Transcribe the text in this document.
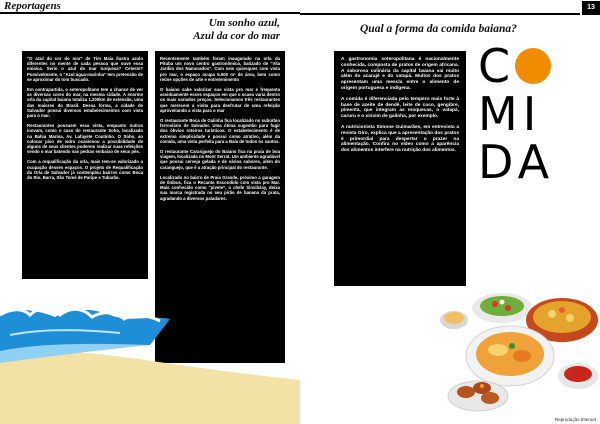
Reportagens	13
Um sonho azul,
Azul da cor do mar

“O azul do cor do mar” de Tim Maia ilustra azulo diferentes no mente de cada pessoa que ouve essa música. Serio o azul do mar turquesa? Celeste? Possivelmente, o “Azul água-marinha” tem pretensão de se aproximar do tom buscado.

Em contrapartida, o soteropolitano tem a chance de ver as diversas cores do mar, na mesma cidade. A enorme orla da capital baiana totaliza 1.200km de extensão, uma das maiores do Brasil. Dessa forma, a cidade de Salvador possui diversos estabelecimentos com vista para o mar.

Restaurantes possuem essa vista, enquanto outros inovam, como o caso do restaurante Soho, localizado na Bahia Marina, Av. Lafayete Coutinho. O Soho, ao colocar piso de vidro ocasionou a possibilidade de alguns de seus clientes poderem realizar suas refeições vendo o mar batendo nas pedras embaixo de seus pés.

Com a requalificação da orla, mais tem-se valorizado a ocupação desses espaços. O projeto de Requalificação da Orla de Salvador já contemplou bairros como Boca do Rio, Barra, São Tomé de Paripe e Tubarão.

Recentemente também foram inaugurado na orla da Pituba um novo centro gastronômico, batizado de “Vila Jardim dos Namorados”. Com seis quiosques com vista pro mar, o espaço ocupa 5.500 m² de área, bem como reúne opções de arte e entretenimento

O baiano sabe valorizar sua vista pro mar e frequenta assiduamente esses espaços em que o ocaso varia dentro os mais variados preços. Selecionamos três restaurantes que merecem a visita para desfrutar de uma refeição aproveitando a vista para o mar

O restaurante Boca de Galinha fica localizado no subúrbio ferroviário de Salvador. Uma ótima sugestão para fugir dos óbvios roteiros turísticos. O estabelecimento é de extrema simplicidade e possui como atrativo, além da comida, uma vista perfeita para a Baía de todos os santos.

O restaurante Caranguejo do Baiano fica na praia de boa viagem, localizada no Mont Serrat. Um ambiente agradável que possui cerveja gelada e de vários sabores, além do caranguejo, que é a atração principal do restaurante.

Localizado no bairro de Praia Grande, próximo a garagem de ônibus, fica o Recanto Escondido com vista pro Mar. Mais conhecido como “pivete”, o chefe Sinvilclay, deixa sua marca registrada no seu pirão de banana da prata, agradando a diversos paladares.

Qual a forma da comida baiana?

A gastronomia soteropolitana é nacionalmente conhecida, composta de pratos de origem africana. A saborosa culinária da capital baiana vai muito além do acarajé e do vatapá. Muitos dos pratos apresentam uma mescla entre o alimento de origem portuguesa e indígena.

A comida é diferenciada pelo tempero mais forte à base de azeite de dendê, leite de coco, gengibre, pimenta, que integram as moquecas, o vatapá, caruru e o xinxim de galinha, por exemplo.

A nutricionista Simone Guimarães, em entrevista a revista Giro, explica que a apresentação dos pratos é primordial para despertar o prazer na alimentação. Confira no vídeo como a aparência dos alimentos interfere na nutrição dos alimentos.

C
MI
DA
Reprodução Internet
